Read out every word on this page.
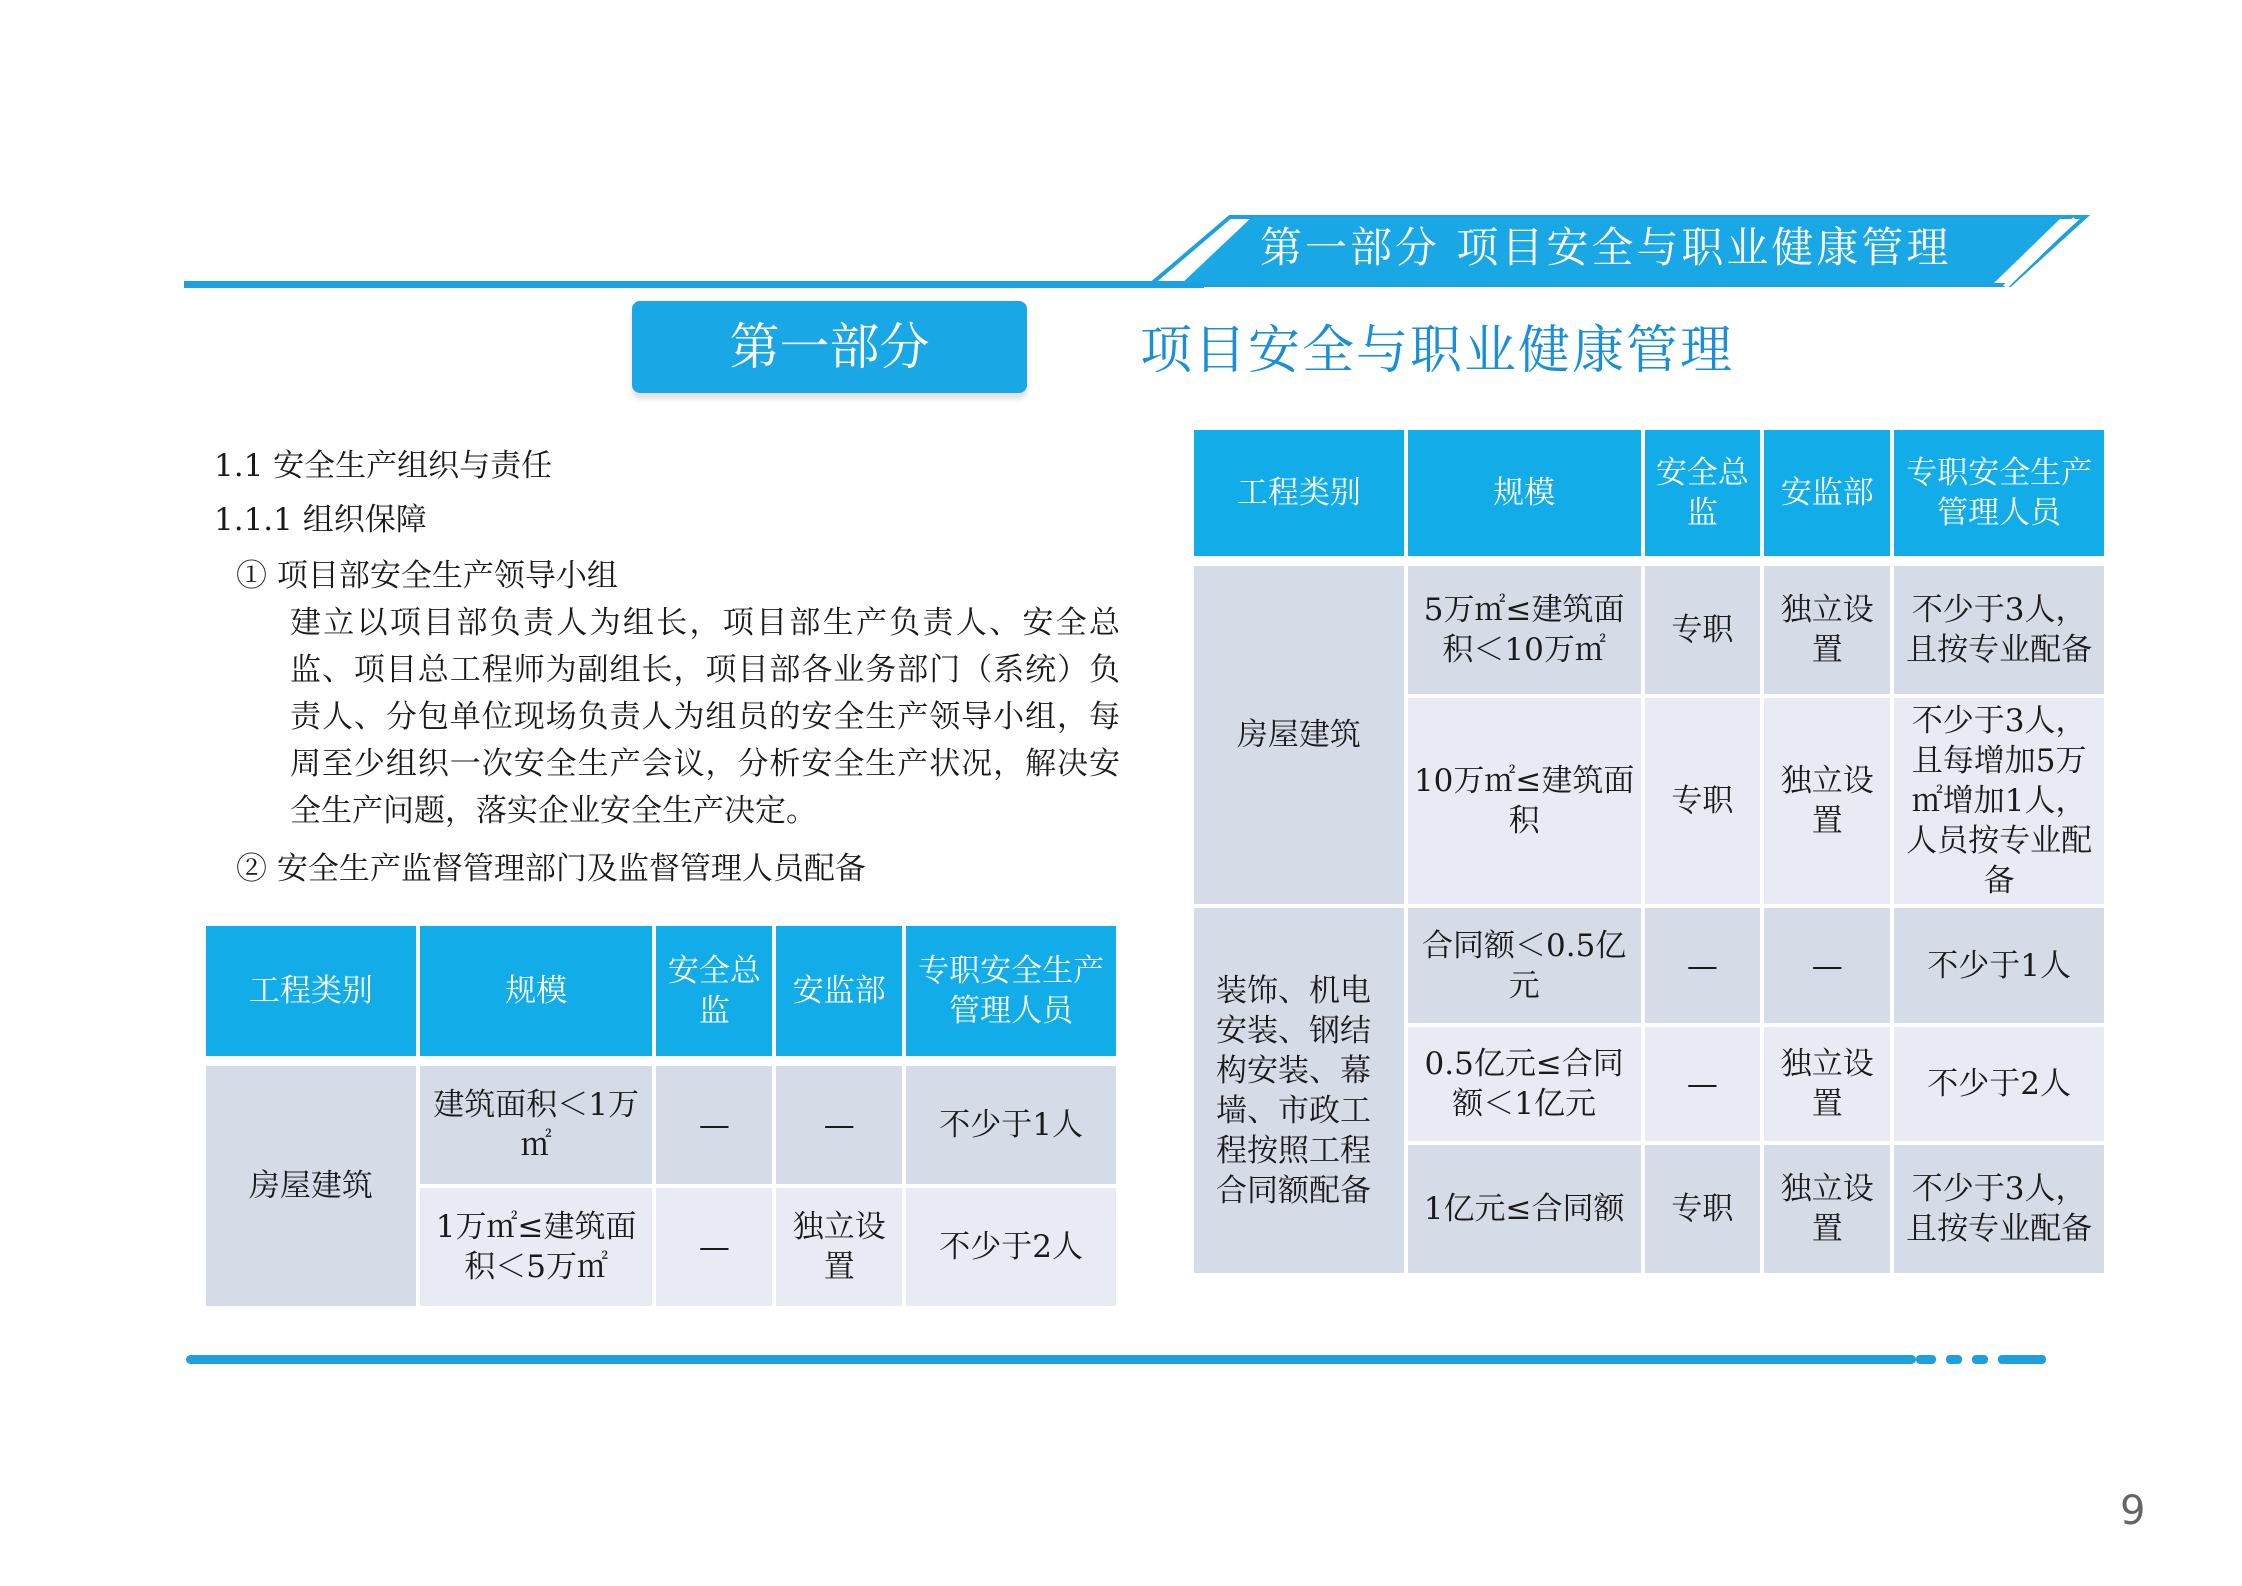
第一部分 项目安全与职业健康管理
第一部分	项目安全与职业健康管理
1.1 安全生产组织与责任
1.1.1 组织保障
① 项目部安全生产领导小组
建立以项目部负责人为组长，项目部生产负责人、安全总监、项目总工程师为副组长，项目部各业务部门（系统）负责人、分包单位现场负责人为组员的安全生产领导小组，每周至少组织一次安全生产会议，分析安全生产状况，解决安全生产问题，落实企业安全生产决定。
② 安全生产监督管理部门及监督管理人员配备
工程类别	规模	安全总监	安监部	专职安全生产管理人员

房屋建筑	建筑面积＜1万㎡	—	—	不少于1人
	1万㎡≤建筑面积＜5万㎡	—	独立设置	不少于2人
工程类别	规模	安全总监	安监部	专职安全生产管理人员

房屋建筑	5万㎡≤建筑面积＜10万㎡	专职	独立设置	不少于3人，且按专业配备
	10万㎡≤建筑面积	专职	独立设置	不少于3人，且每增加5万㎡增加1人，人员按专业配备
装饰、机电安装、钢结构安装、幕墙、市政工程按照工程合同额配备	合同额＜0.5亿元	—	—	不少于1人
	0.5亿元≤合同额＜1亿元	—	独立设置	不少于2人
	1亿元≤合同额	专职	独立设置	不少于3人，且按专业配备
9
